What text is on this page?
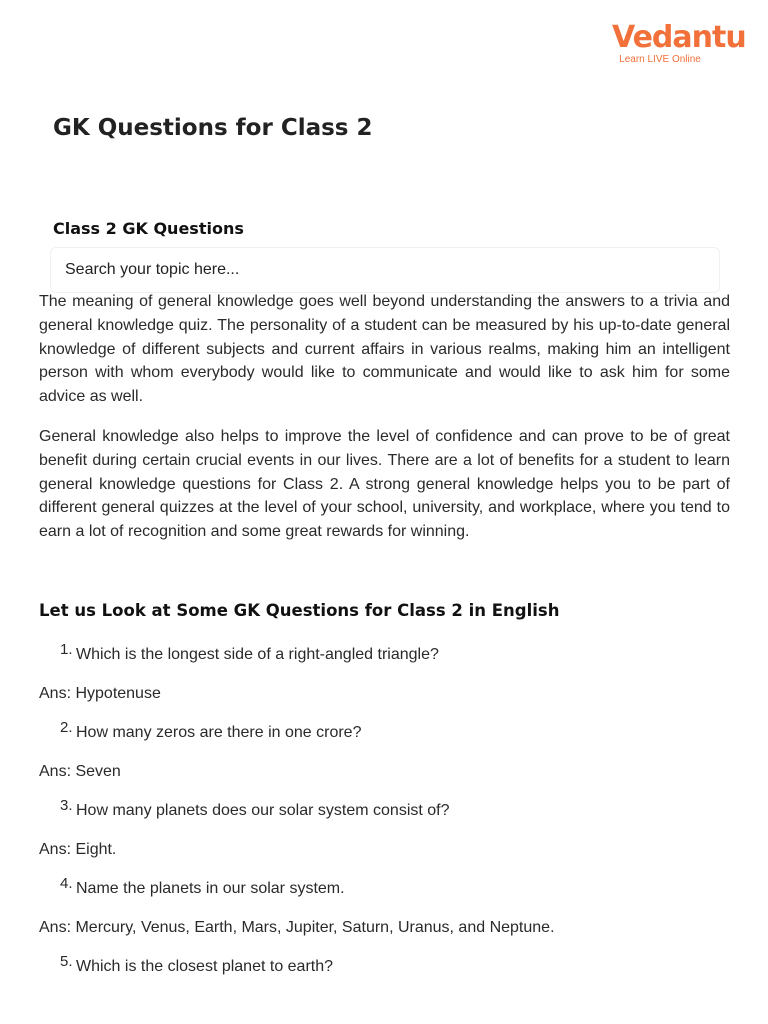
Vedantu
Learn LIVE Online
GK Questions for Class 2
Class 2 GK Questions
Search your topic here...

The meaning of general knowledge goes well beyond understanding the answers to a trivia and general knowledge quiz. The personality of a student can be measured by his up-to-date general knowledge of different subjects and current affairs in various realms, making him an intelligent person with whom everybody would like to communicate and would like to ask him for some advice as well.

General knowledge also helps to improve the level of confidence and can prove to be of great benefit during certain crucial events in our lives. There are a lot of benefits for a student to learn general knowledge questions for Class 2. A strong general knowledge helps you to be part of different general quizzes at the level of your school, university, and workplace, where you tend to earn a lot of recognition and some great rewards for winning.

Let us Look at Some GK Questions for Class 2 in English
1. Which is the longest side of a right-angled triangle?
Ans: Hypotenuse
2. How many zeros are there in one crore?
Ans: Seven
3. How many planets does our solar system consist of?
Ans: Eight.
4. Name the planets in our solar system.
Ans: Mercury, Venus, Earth, Mars, Jupiter, Saturn, Uranus, and Neptune.
5. Which is the closest planet to earth?
